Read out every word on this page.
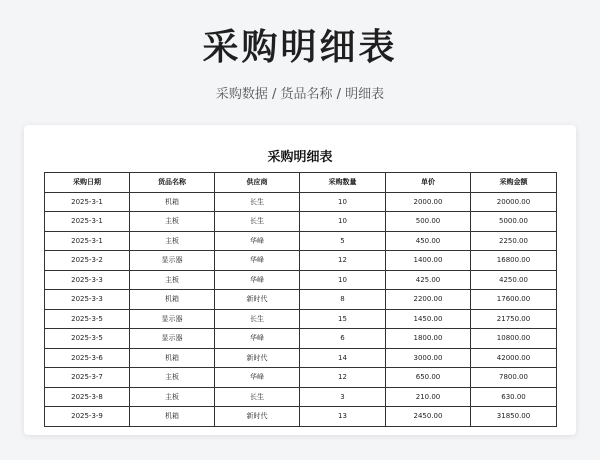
采购明细表
采购数据 / 货品名称 / 明细表
采购明细表
采购日期	货品名称	供应商	采购数量	单价	采购金额
2025-3-1	机箱	长生	10	2000.00	20000.00
2025-3-1	主板	长生	10	500.00	5000.00
2025-3-1	主板	华峰	5	450.00	2250.00
2025-3-2	显示器	华峰	12	1400.00	16800.00
2025-3-3	主板	华峰	10	425.00	4250.00
2025-3-3	机箱	新时代	8	2200.00	17600.00
2025-3-5	显示器	长生	15	1450.00	21750.00
2025-3-5	显示器	华峰	6	1800.00	10800.00
2025-3-6	机箱	新时代	14	3000.00	42000.00
2025-3-7	主板	华峰	12	650.00	7800.00
2025-3-8	主板	长生	3	210.00	630.00
2025-3-9	机箱	新时代	13	2450.00	31850.00
